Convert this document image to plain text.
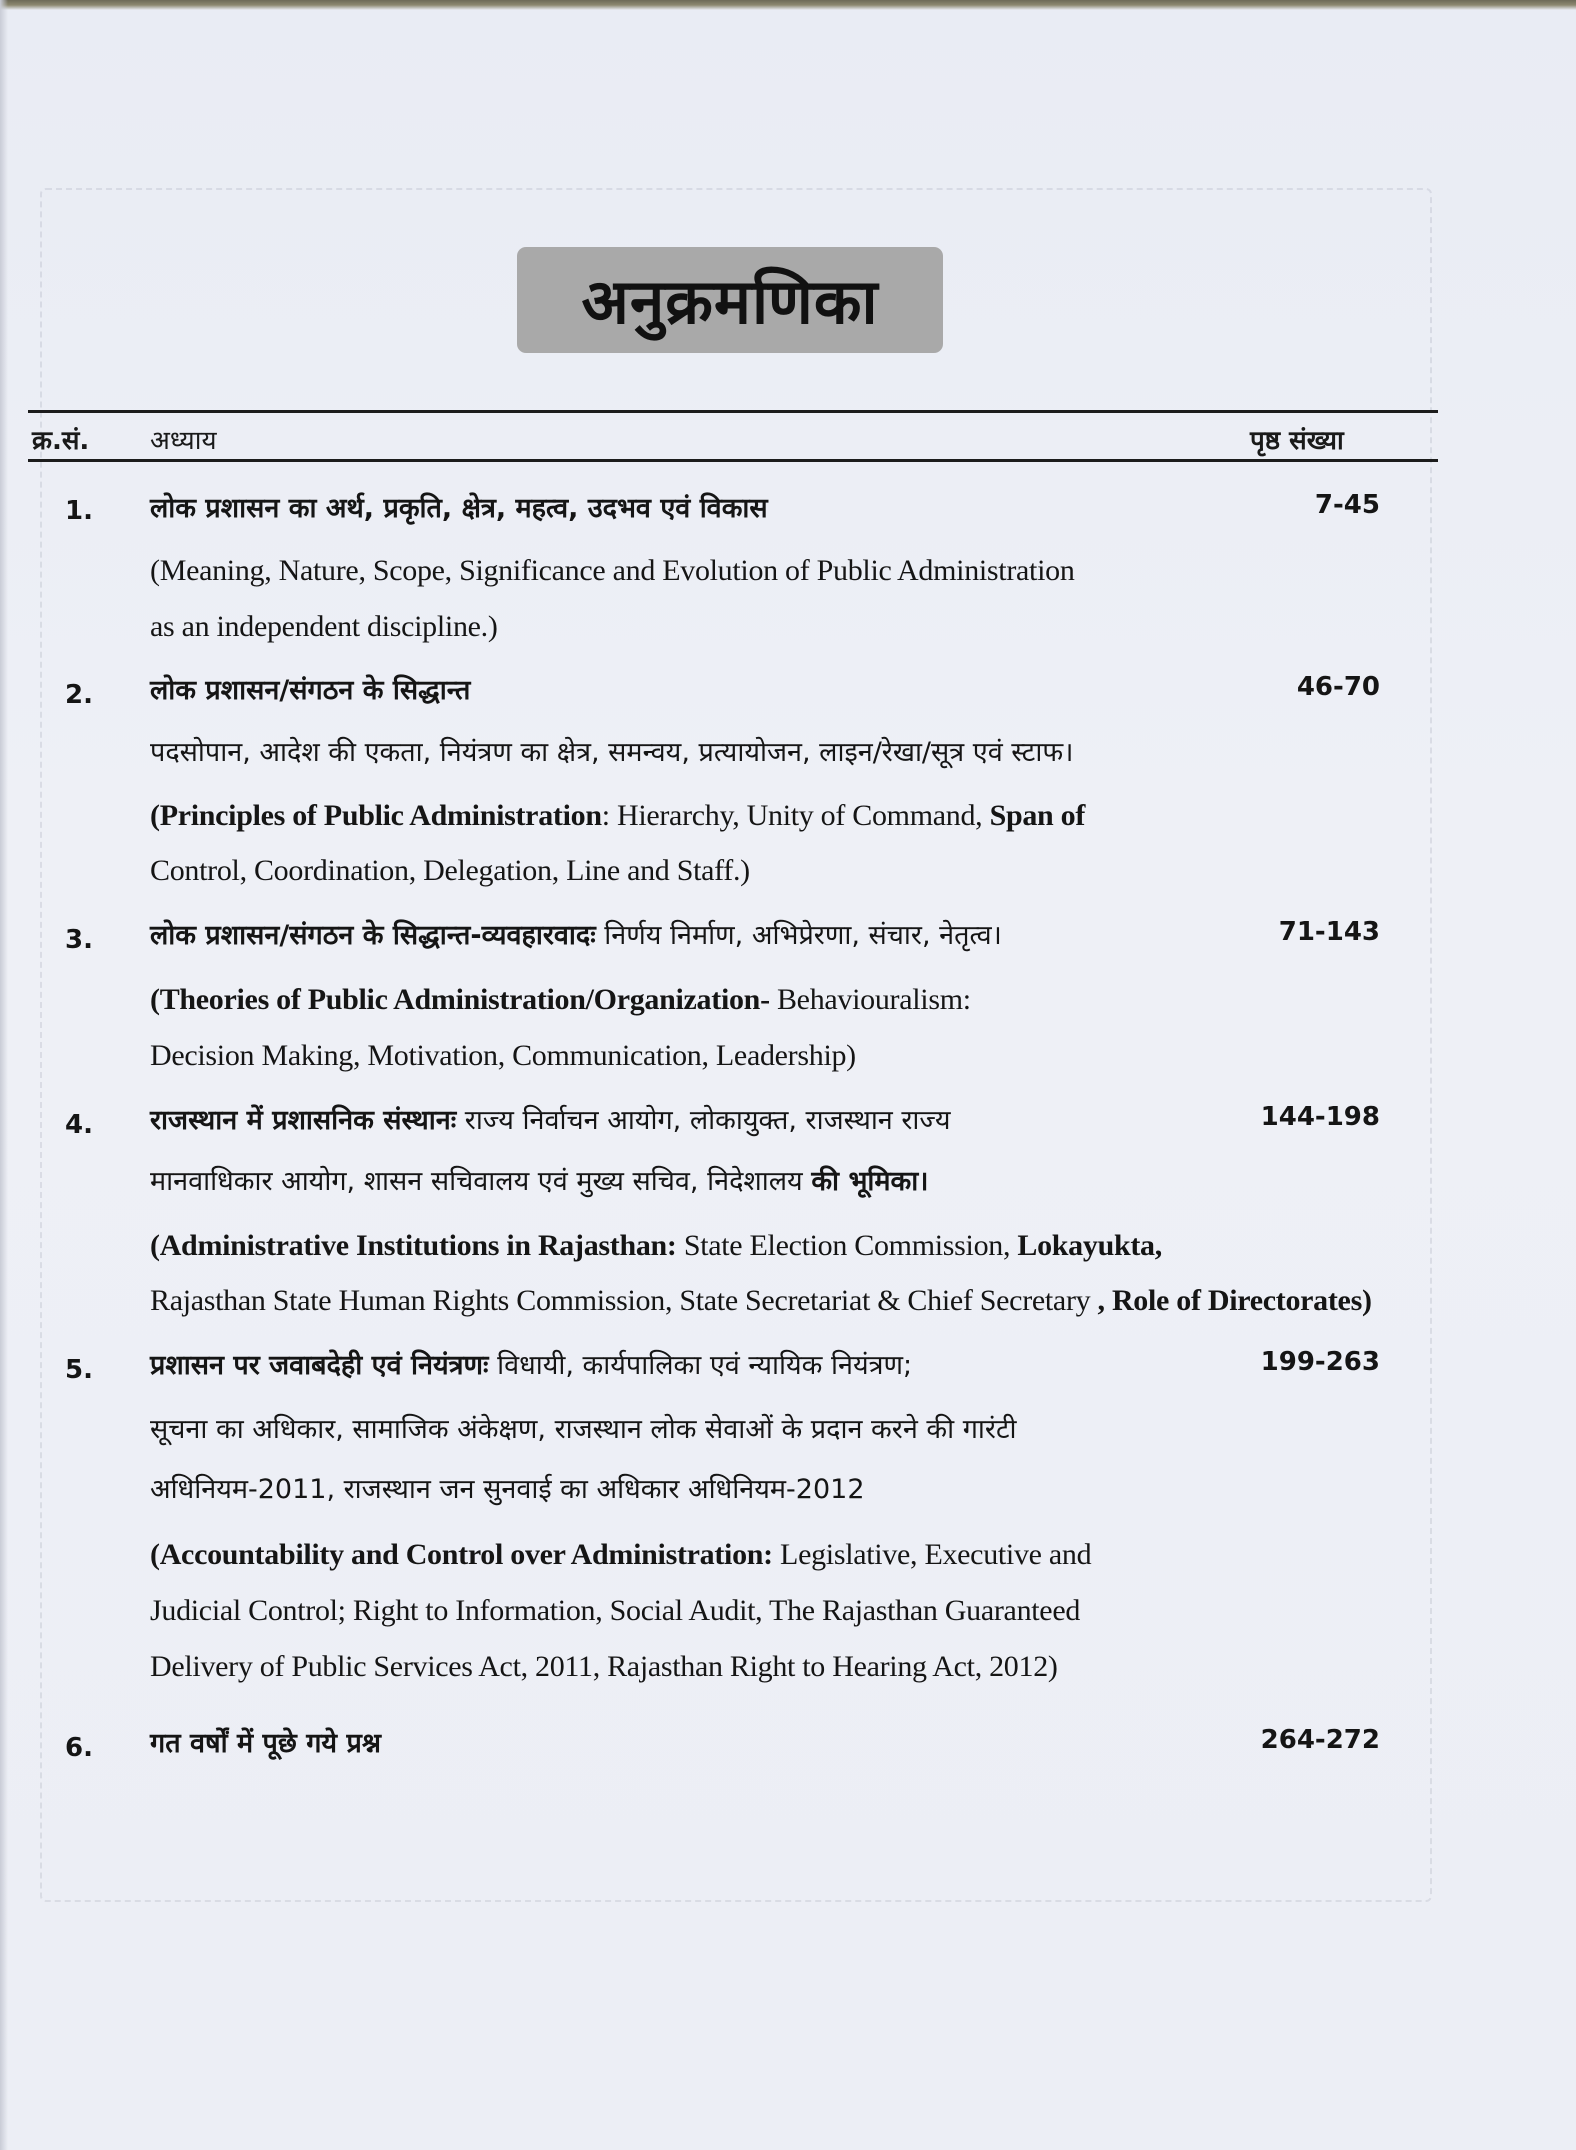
अनुक्रमणिका
क्र.सं. अध्याय	पृष्ठ संख्या
1. लोक प्रशासन का अर्थ, प्रकृति, क्षेत्र, महत्व, उदभव एवं विकास	7-45
(Meaning, Nature, Scope, Significance and Evolution of Public Administration
as an independent discipline.)
2. लोक प्रशासन/संगठन के सिद्धान्त	46-70
पदसोपान, आदेश की एकता, नियंत्रण का क्षेत्र, समन्वय, प्रत्यायोजन, लाइन/रेखा/सूत्र एवं स्टाफ।
(Principles of Public Administration: Hierarchy, Unity of Command, Span of
Control, Coordination, Delegation, Line and Staff.)
3. लोक प्रशासन/संगठन के सिद्धान्त-व्यवहारवादः निर्णय निर्माण, अभिप्रेरणा, संचार, नेतृत्व।	71-143
(Theories of Public Administration/Organization- Behaviouralism:
Decision Making, Motivation, Communication, Leadership)
4. राजस्थान में प्रशासनिक संस्थानः राज्य निर्वाचन आयोग, लोकायुक्त, राजस्थान राज्य	144-198
मानवाधिकार आयोग, शासन सचिवालय एवं मुख्य सचिव, निदेशालय की भूमिका।
(Administrative Institutions in Rajasthan: State Election Commission, Lokayukta,
Rajasthan State Human Rights Commission, State Secretariat & Chief Secretary , Role of Directorates)
5. प्रशासन पर जवाबदेही एवं नियंत्रणः विधायी, कार्यपालिका एवं न्यायिक नियंत्रण;	199-263
सूचना का अधिकार, सामाजिक अंकेक्षण, राजस्थान लोक सेवाओं के प्रदान करने की गारंटी
अधिनियम-2011, राजस्थान जन सुनवाई का अधिकार अधिनियम-2012
(Accountability and Control over Administration: Legislative, Executive and
Judicial Control; Right to Information, Social Audit, The Rajasthan Guaranteed
Delivery of Public Services Act, 2011, Rajasthan Right to Hearing Act, 2012)
6. गत वर्षों में पूछे गये प्रश्न	264-272
